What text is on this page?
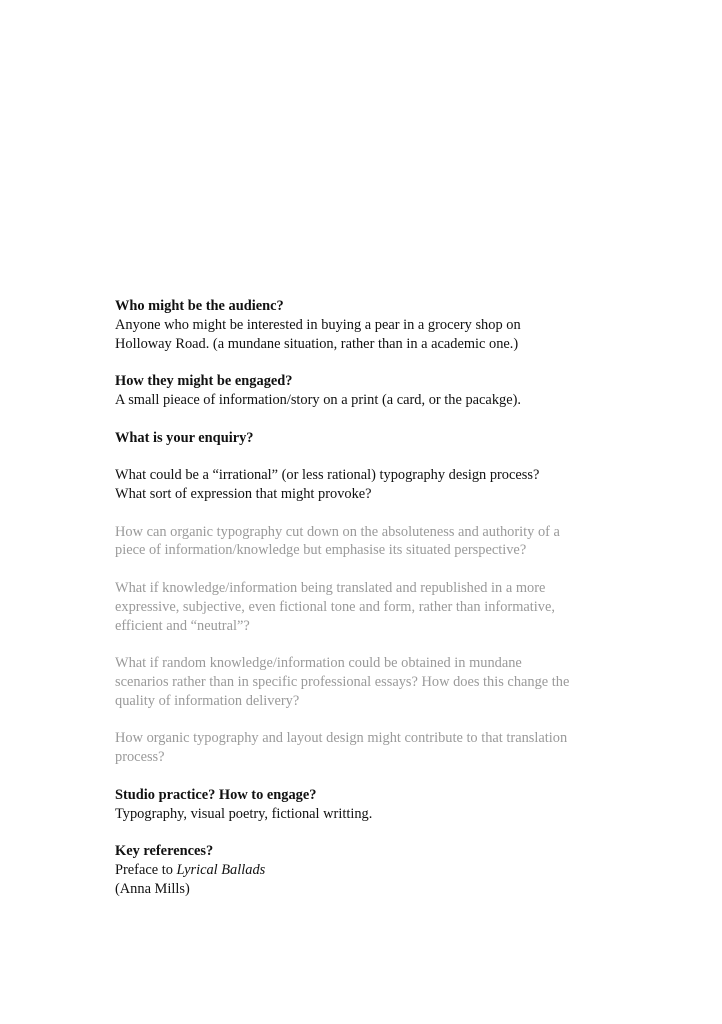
Who might be the audienc?

Anyone who might be interested in buying a pear in a grocery shop on

Holloway Road. (a mundane situation, rather than in a academic one.)

How they might be engaged?

A small pieace of information/story on a print (a card, or the pacakge).

What is your enquiry?

What could be a “irrational” (or less rational) typography design process?

What sort of expression that might provoke?

How can organic typography cut down on the absoluteness and authority of a

piece of information/knowledge but emphasise its situated perspective?

What if knowledge/information being translated and republished in a more

expressive, subjective, even fictional tone and form, rather than informative,

efficient and “neutral”?

What if random knowledge/information could be obtained in mundane

scenarios rather than in specific professional essays? How does this change the

quality of information delivery?

How organic typography and layout design might contribute to that translation

process?

Studio practice? How to engage?

Typography, visual poetry, fictional writting.

Key references?

Preface to Lyrical Ballads

(Anna Mills)
